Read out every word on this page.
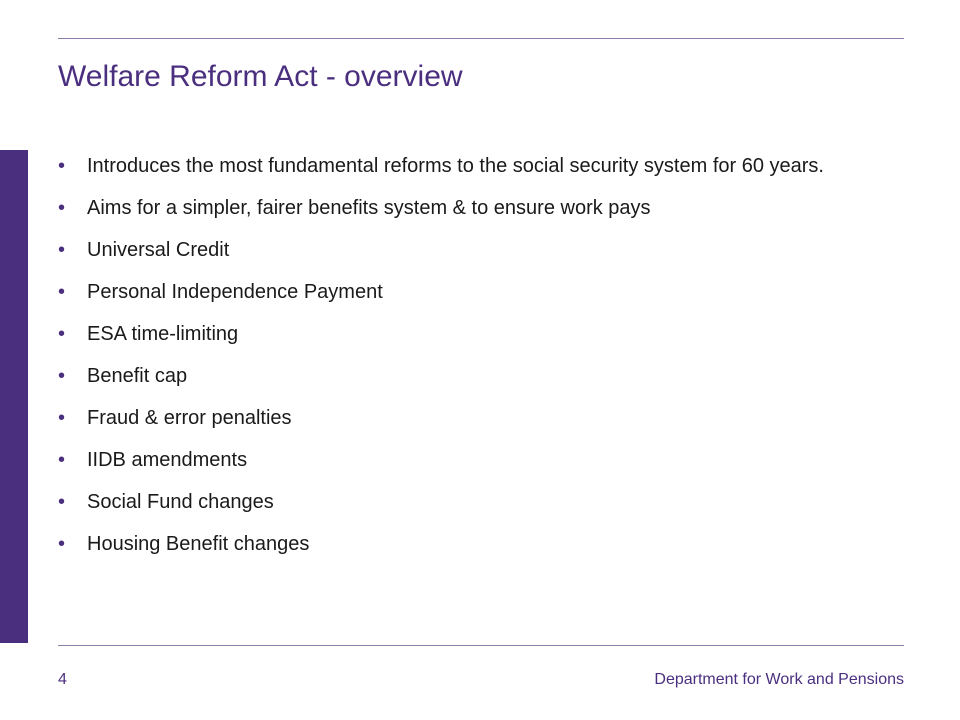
Welfare Reform Act - overview
• Introduces the most fundamental reforms to the social security system for 60 years.
• Aims for a simpler, fairer benefits system & to ensure work pays
• Universal Credit
• Personal Independence Payment
• ESA time-limiting
• Benefit cap
• Fraud & error penalties
• IIDB amendments
• Social Fund changes
• Housing Benefit changes
4	Department for Work and Pensions
